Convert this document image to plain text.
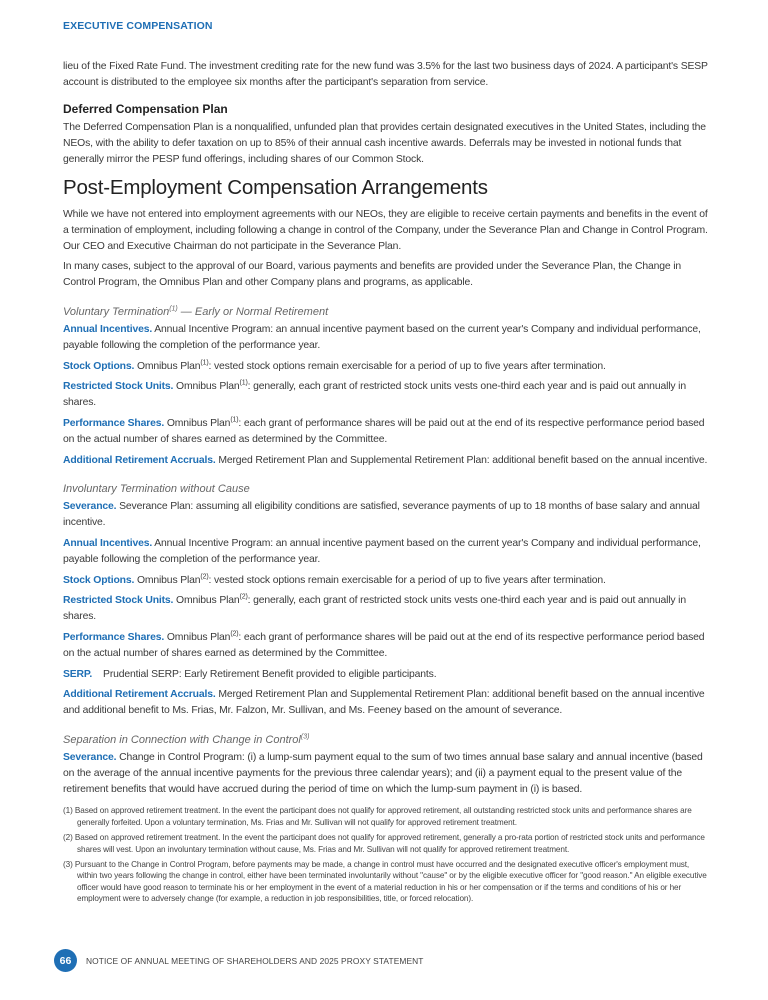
EXECUTIVE COMPENSATION

lieu of the Fixed Rate Fund. The investment crediting rate for the new fund was 3.5% for the last two business days of 2024. A participant's SESP account is distributed to the employee six months after the participant's separation from service.

Deferred Compensation Plan

The Deferred Compensation Plan is a nonqualified, unfunded plan that provides certain designated executives in the United States, including the NEOs, with the ability to defer taxation on up to 85% of their annual cash incentive awards. Deferrals may be invested in notional funds that generally mirror the PESP fund offerings, including shares of our Common Stock.

Post-Employment Compensation Arrangements

While we have not entered into employment agreements with our NEOs, they are eligible to receive certain payments and benefits in the event of a termination of employment, including following a change in control of the Company, under the Severance Plan and Change in Control Program. Our CEO and Executive Chairman do not participate in the Severance Plan.

In many cases, subject to the approval of our Board, various payments and benefits are provided under the Severance Plan, the Change in Control Program, the Omnibus Plan and other Company plans and programs, as applicable.

Voluntary Termination$^{(1)}$ — Early or Normal Retirement

Annual Incentives. Annual Incentive Program: an annual incentive payment based on the current year's Company and individual performance, payable following the completion of the performance year.

Stock Options. Omnibus Plan$^{(1)}$: vested stock options remain exercisable for a period of up to five years after termination.

Restricted Stock Units. Omnibus Plan$^{(1)}$: generally, each grant of restricted stock units vests one-third each year and is paid out annually in shares.

Performance Shares. Omnibus Plan$^{(1)}$: each grant of performance shares will be paid out at the end of its respective performance period based on the actual number of shares earned as determined by the Committee.

Additional Retirement Accruals. Merged Retirement Plan and Supplemental Retirement Plan: additional benefit based on the annual incentive.

Involuntary Termination without Cause

Severance. Severance Plan: assuming all eligibility conditions are satisfied, severance payments of up to 18 months of base salary and annual incentive.

Annual Incentives. Annual Incentive Program: an annual incentive payment based on the current year's Company and individual performance, payable following the completion of the performance year.

Stock Options. Omnibus Plan$^{(2)}$: vested stock options remain exercisable for a period of up to five years after termination.

Restricted Stock Units. Omnibus Plan$^{(2)}$: generally, each grant of restricted stock units vests one-third each year and is paid out annually in shares.

Performance Shares. Omnibus Plan$^{(2)}$: each grant of performance shares will be paid out at the end of its respective performance period based on the actual number of shares earned as determined by the Committee.

SERP.    Prudential SERP: Early Retirement Benefit provided to eligible participants.

Additional Retirement Accruals. Merged Retirement Plan and Supplemental Retirement Plan: additional benefit based on the annual incentive and additional benefit to Ms. Frias, Mr. Falzon, Mr. Sullivan, and Ms. Feeney based on the amount of severance.

Separation in Connection with Change in Control$^{(3)}$

Severance. Change in Control Program: (i) a lump-sum payment equal to the sum of two times annual base salary and annual incentive (based on the average of the annual incentive payments for the previous three calendar years); and (ii) a payment equal to the present value of the retirement benefits that would have accrued during the period of time on which the lump-sum payment in (i) is based.

(1) Based on approved retirement treatment. In the event the participant does not qualify for approved retirement, all outstanding restricted stock units and performance shares are generally forfeited. Upon a voluntary termination, Ms. Frias and Mr. Sullivan will not qualify for approved retirement treatment.
(2) Based on approved retirement treatment. In the event the participant does not qualify for approved retirement, generally a pro-rata portion of restricted stock units and performance shares will vest. Upon an involuntary termination without cause, Ms. Frias and Mr. Sullivan will not qualify for approved retirement treatment.
(3) Pursuant to the Change in Control Program, before payments may be made, a change in control must have occurred and the designated executive officer's employment must, within two years following the change in control, either have been terminated involuntarily without "cause" or by the eligible executive officer for "good reason." An eligible executive officer would have good reason to terminate his or her employment in the event of a material reduction in his or her compensation or if the terms and conditions of his or her employment were to adversely change (for example, a reduction in job responsibilities, title, or forced relocation).
66	NOTICE OF ANNUAL MEETING OF SHAREHOLDERS AND 2025 PROXY STATEMENT
